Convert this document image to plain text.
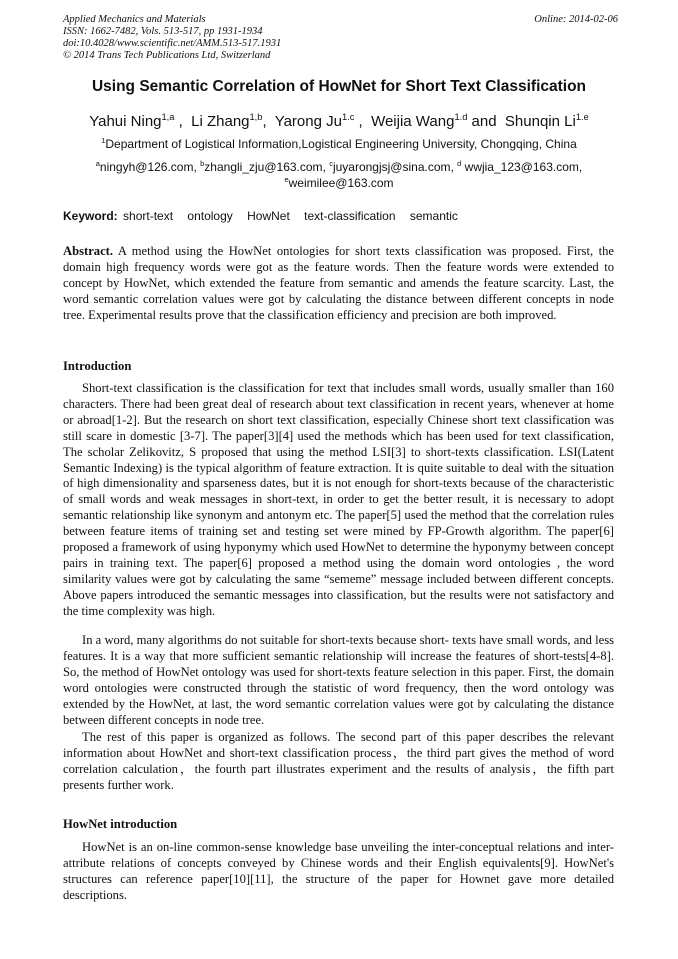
Applied Mechanics and Materials
ISSN: 1662-7482, Vols. 513-517, pp 1931-1934
doi:10.4028/www.scientific.net/AMM.513-517.1931
© 2014 Trans Tech Publications Ltd, Switzerland
Online: 2014-02-06
Using Semantic Correlation of HowNet for Short Text Classification
Yahui Ning$^{1,a}$ ,  Li Zhang$^{1,b}$,  Yarong $Ju^{1.c}$ ,  Weijia Wang$^{1.d}$ and  Shunqin $Li^{1.e}$
$^1$Department of Logistical Information,Logistical Engineering University, Chongqing, China
$^a$ningyh@126.com, $^b$zhangli_zju@163.com, $^c$juyarongjsj@sina.com, $^d$ wwjia_123@163.com,
$^e$weimilee@163.com
Keyword: short-text ontology HowNet text-classification semantic
Abstract. A method using the HowNet ontologies for short texts classification was proposed. First, the domain high frequency words were got as the feature words. Then the feature words were extended to concept by HowNet, which extended the feature from semantic and amends the feature scarcity. Last, the word semantic correlation values were got by calculating the distance between different concepts in node tree. Experimental results prove that the classification efficiency and precision are both improved.
Introduction
Short-text classification is the classification for text that includes small words, usually smaller than 160 characters. There had been great deal of research about text classification in recent years, whenever at home or abroad[1-2]. But the research on short text classification, especially Chinese short text classification was still scare in domestic [3-7]. The paper[3][4] used the methods which has been used for text classification, The scholar Zelikovitz, S proposed that using the method LSI[3] to short-texts classification. LSI(Latent Semantic Indexing) is the typical algorithm of feature extraction. It is quite suitable to deal with the situation of high dimensionality and sparseness dates, but it is not enough for short-texts because of the characteristic of small words and weak messages in short-text, in order to get the better result, it is necessary to adopt semantic relationship like synonym and antonym etc. The paper[5] used the method that the correlation rules between feature items of training set and testing set were mined by FP-Growth algorithm. The paper[6] proposed a framework of using hyponymy which used HowNet to determine the hyponymy between concept pairs in training text. The paper[6] proposed a method using the domain word ontologies , the word similarity values were got by calculating the same “sememe” message included between different concepts. Above papers introduced the semantic messages into classification, but the results were not satisfactory and the time complexity was high.
In a word, many algorithms do not suitable for short-texts because short- texts have small words, and less features. It is a way that more sufficient semantic relationship will increase the features of short-tests[4-8]. So, the method of HowNet ontology was used for short-texts feature selection in this paper. First, the domain word ontologies were constructed through the statistic of word frequency, then the word ontology was extended by the HowNet, at last, the word semantic correlation values were got by calculating the distance between different concepts in node tree.
The rest of this paper is organized as follows. The second part of this paper describes the relevant information about HowNet and short-text classification process，the third part gives the method of word correlation calculation，the fourth part illustrates experiment and the results of analysis，the fifth part presents further work.
HowNet introduction
HowNet is an on-line common-sense knowledge base unveiling the inter-conceptual relations and inter-attribute relations of concepts conveyed by Chinese words and their English equivalents[9]. HowNet's structures can reference paper[10][11], the structure of the paper for Hownet gave more detailed descriptions.
